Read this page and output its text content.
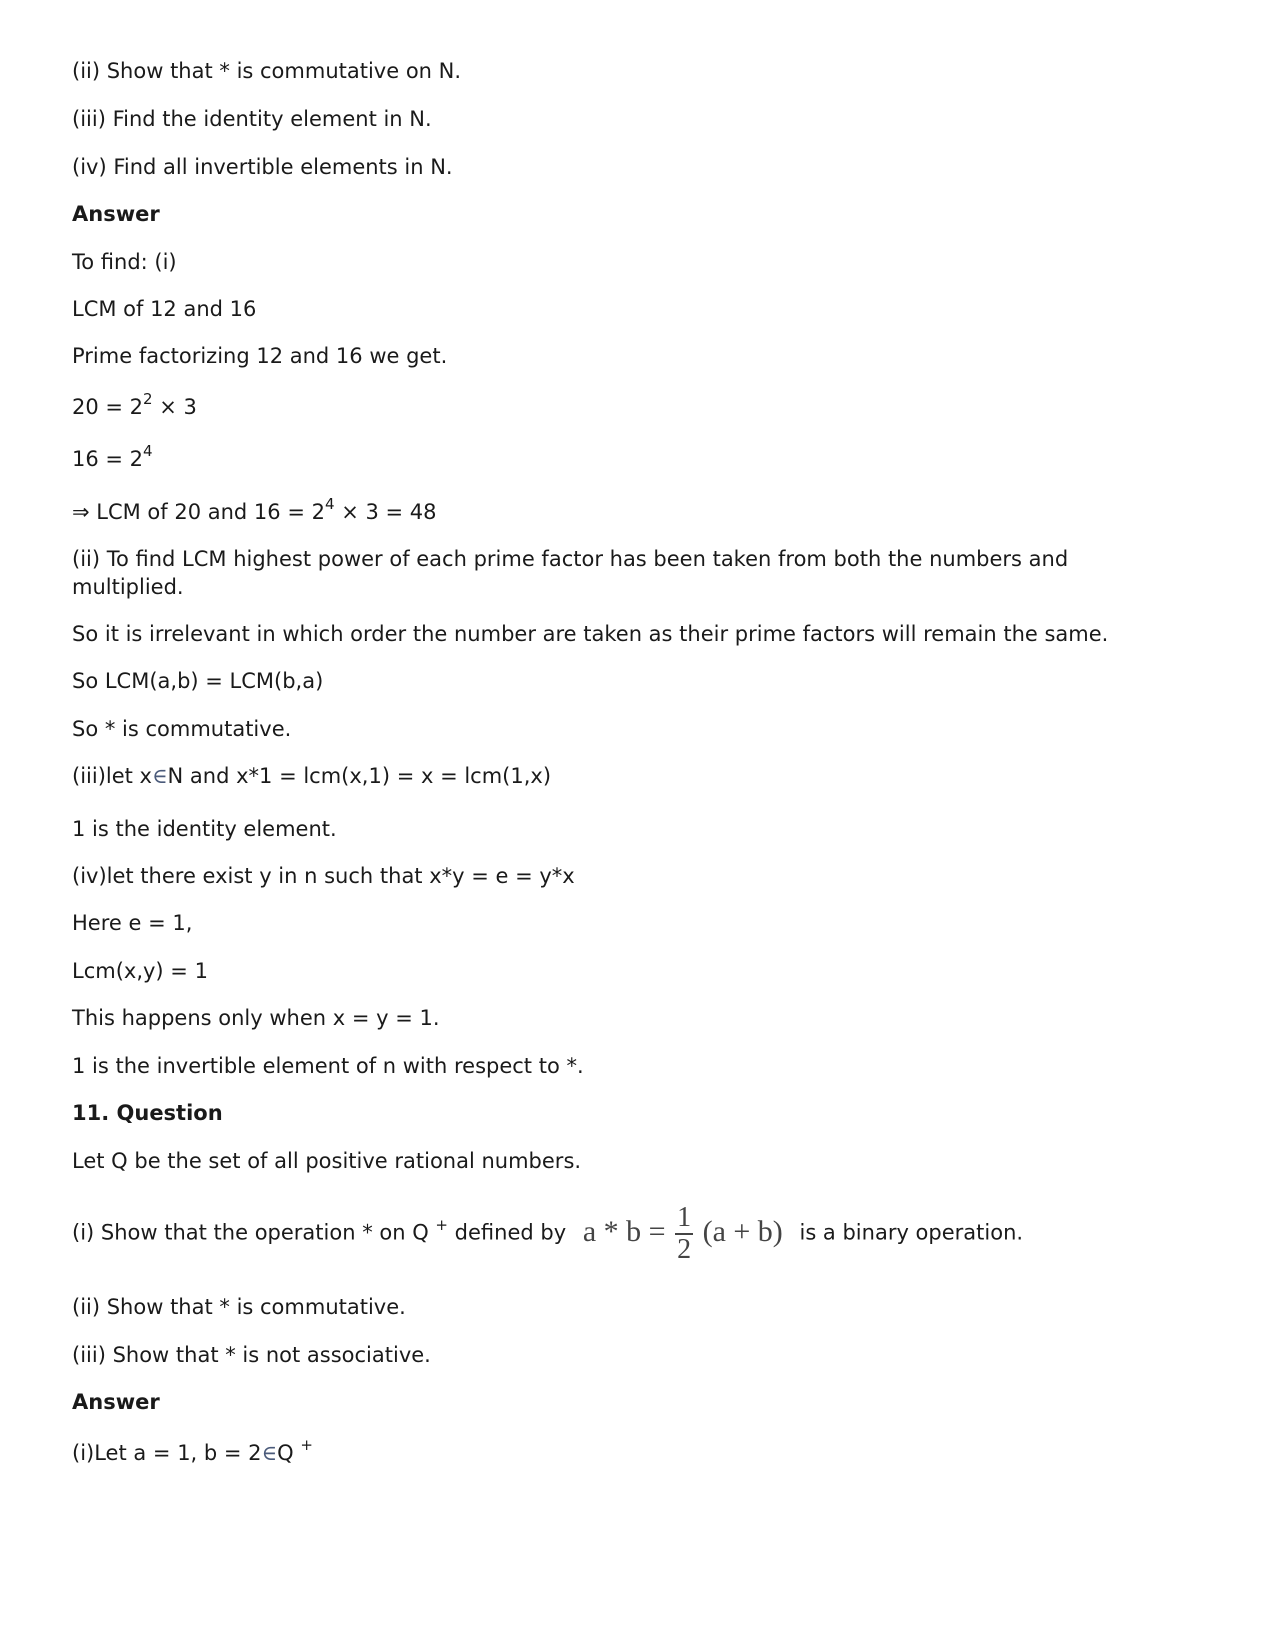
(ii) Show that * is commutative on N.
(iii) Find the identity element in N.
(iv) Find all invertible elements in N.
Answer
To find: (i)
LCM of 12 and 16
Prime factorizing 12 and 16 we get.
$20 = 2^2 \times 3$
$16 = 2^4$
⇒ LCM of 20 and $16 = 2^4 \times 3 = 48$
(ii) To find LCM highest power of each prime factor has been taken from both the numbers and multiplied.
So it is irrelevant in which order the number are taken as their prime factors will remain the same.
So LCM(a,b) = LCM(b,a)
So * is commutative.
(iii)let x∈N and x*1 = lcm(x,1) = x = lcm(1,x)
1 is the identity element.
(iv)let there exist y in n such that x*y = e = y*x
Here e = 1,
Lcm(x,y) = 1
This happens only when x = y = 1.
1 is the invertible element of n with respect to *.
11. Question
Let Q be the set of all positive rational numbers.
(i) Show that the operation * on Q + defined by $a * b = \frac{1}{2} (a + b)$ is a binary operation.
(ii) Show that * is commutative.
(iii) Show that * is not associative.
Answer
(i)Let a = 1, b = 2∈Q +
